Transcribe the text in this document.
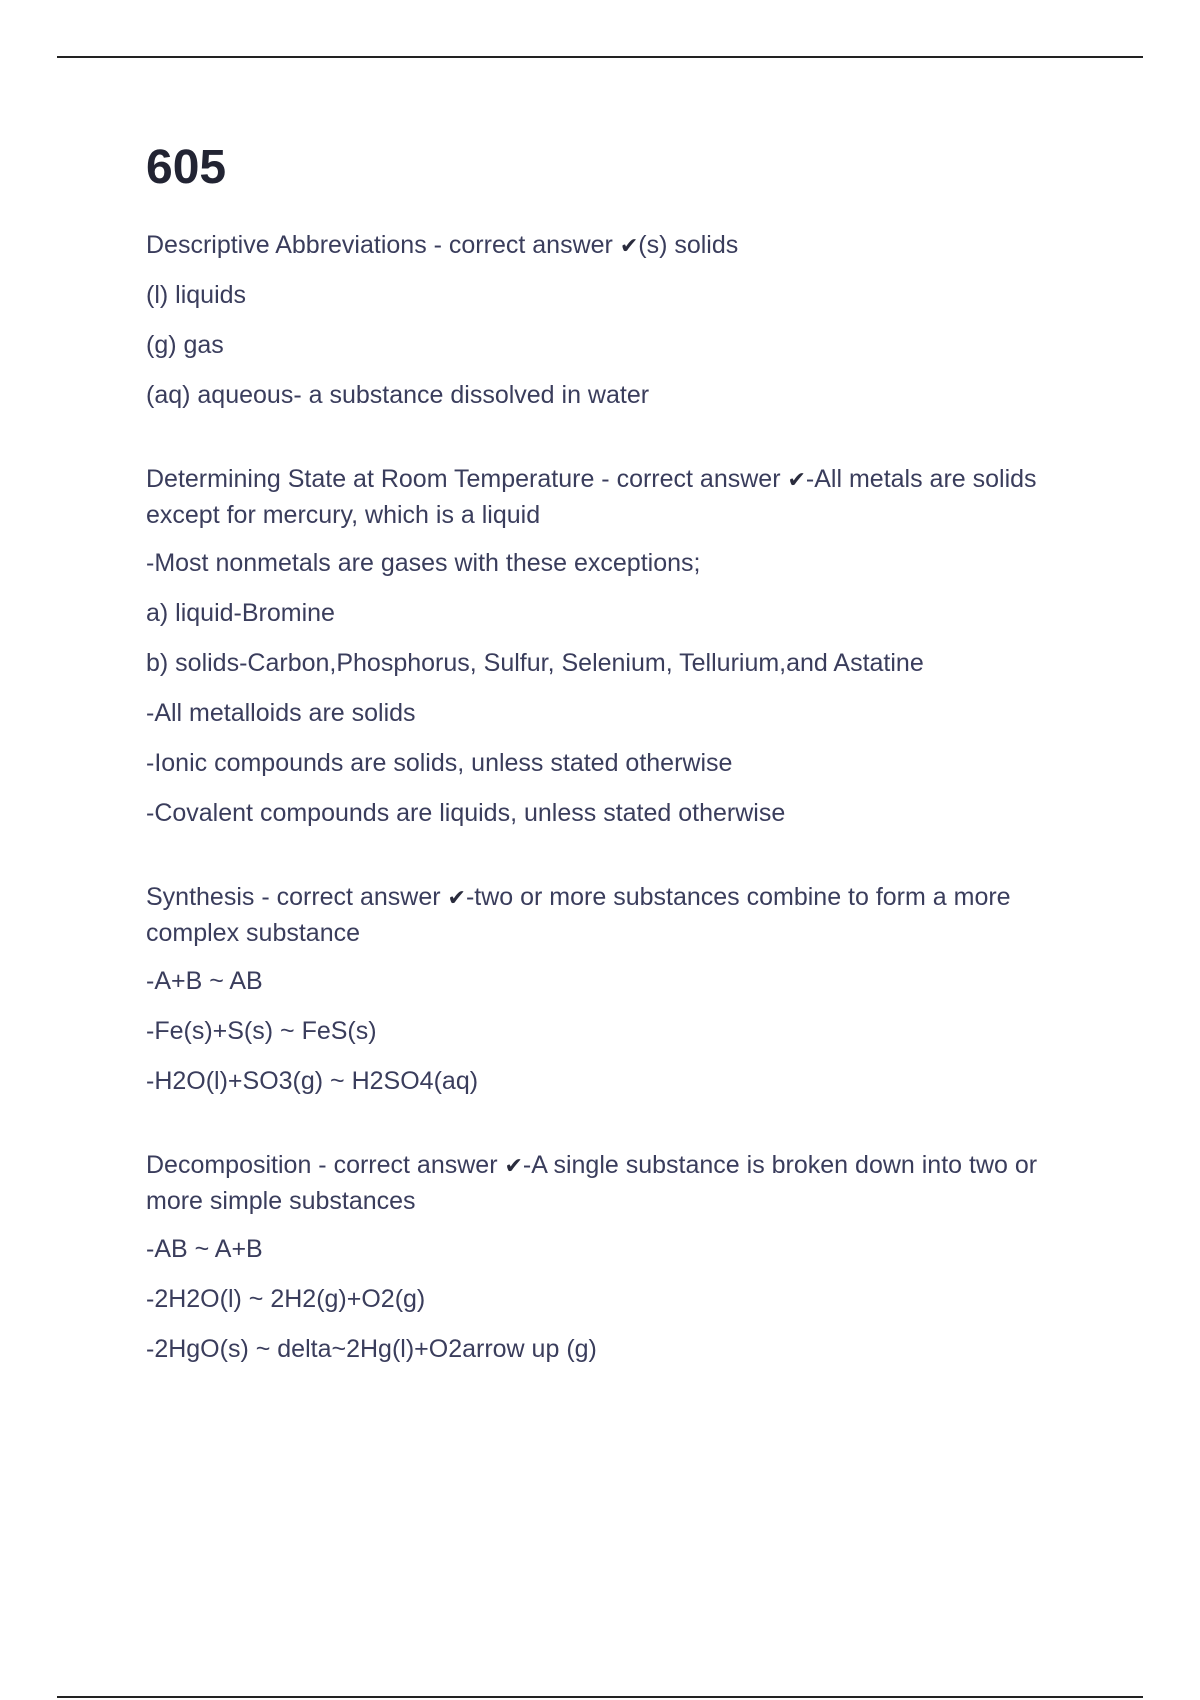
605

Descriptive Abbreviations - correct answer ✔(s) solids

(l) liquids

(g) gas

(aq) aqueous- a substance dissolved in water

Determining State at Room Temperature - correct answer ✔-All metals are solids except for mercury, which is a liquid

-Most nonmetals are gases with these exceptions;

a) liquid-Bromine

b) solids-Carbon,Phosphorus, Sulfur, Selenium, Tellurium,and Astatine

-All metalloids are solids

-Ionic compounds are solids, unless stated otherwise

-Covalent compounds are liquids, unless stated otherwise

Synthesis - correct answer ✔-two or more substances combine to form a more complex substance

-A+B ~ AB

-Fe(s)+S(s) ~ FeS(s)

-H2O(l)+SO3(g) ~ H2SO4(aq)

Decomposition - correct answer ✔-A single substance is broken down into two or more simple substances

-AB ~ A+B

-2H2O(l) ~ 2H2(g)+O2(g)

-2HgO(s) ~ delta~2Hg(l)+O2arrow up (g)
